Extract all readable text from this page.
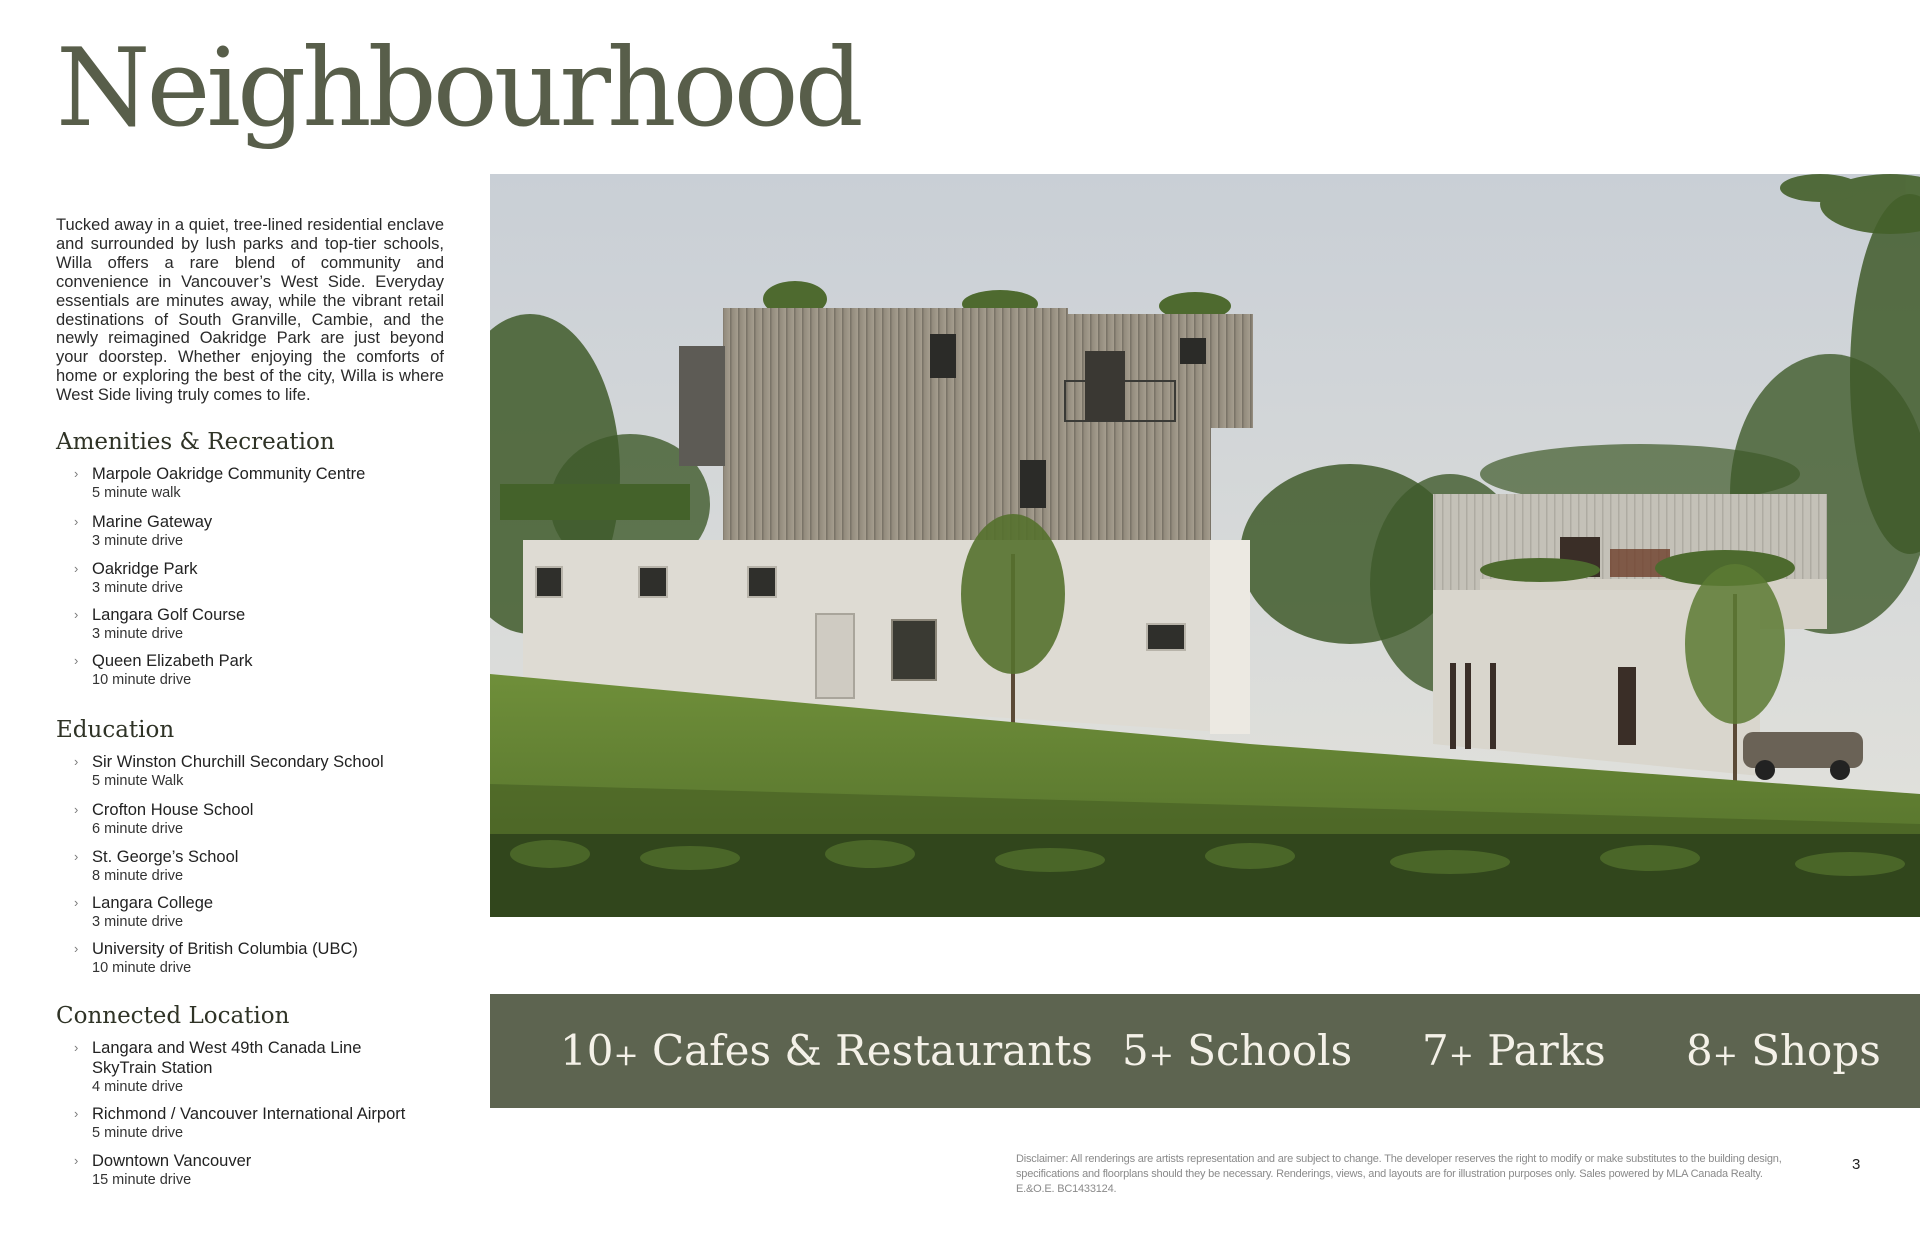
Neighbourhood

Tucked away in a quiet, tree-lined residential enclave and surrounded by lush parks and top-tier schools, Willa offers a rare blend of community and convenience in Vancouver’s West Side. Everyday essentials are minutes away, while the vibrant retail destinations of South Granville, Cambie, and the newly reimagined Oakridge Park are just beyond your doorstep. Whether enjoying the comforts of home or exploring the best of the city, Willa is where West Side living truly comes to life.

Amenities & Recreation
› Marpole Oakridge Community Centre
5 minute walk
› Marine Gateway
3 minute drive
› Oakridge Park
3 minute drive
› Langara Golf Course
3 minute drive
› Queen Elizabeth Park
10 minute drive
Education
› Sir Winston Churchill Secondary School
5 minute Walk
› Crofton House School
6 minute drive
› St. George’s School
8 minute drive
› Langara College
3 minute drive
› University of British Columbia (UBC)
10 minute drive
Connected Location
› Langara and West 49th Canada Line SkyTrain Station
4 minute drive
› Richmond / Vancouver International Airport
5 minute drive
› Downtown Vancouver
15 minute drive
10+ Cafes & Restaurants 5+ Schools 7+ Parks 8+ Shops

Disclaimer: All renderings are artists representation and are subject to change. The developer reserves the right to modify or make substitutes to the building design, specifications and floorplans should they be necessary. Renderings, views, and layouts are for illustration purposes only. Sales powered by MLA Canada Realty. E.&O.E. BC1433124.

3
